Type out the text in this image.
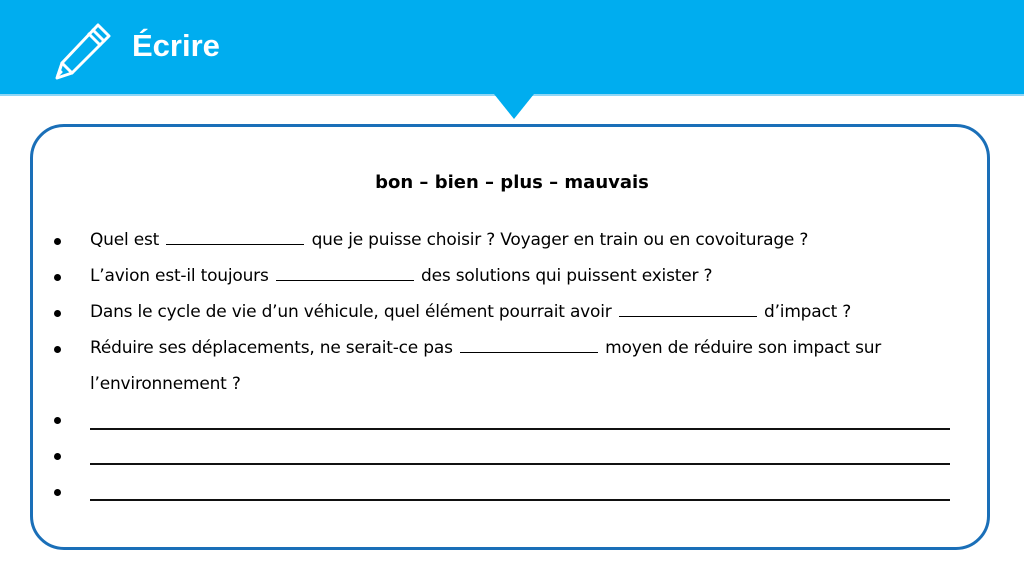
Écrire
bon – bien – plus – mauvais
Quel est	que je puisse choisir ? Voyager en train ou en covoiturage ?
L’avion est-il toujours	des solutions qui puissent exister ?
Dans le cycle de vie d’un véhicule, quel élément pourrait avoir	d’impact ?
Réduire ses déplacements, ne serait-ce pas	moyen de réduire son impact sur
l’environnement ?
